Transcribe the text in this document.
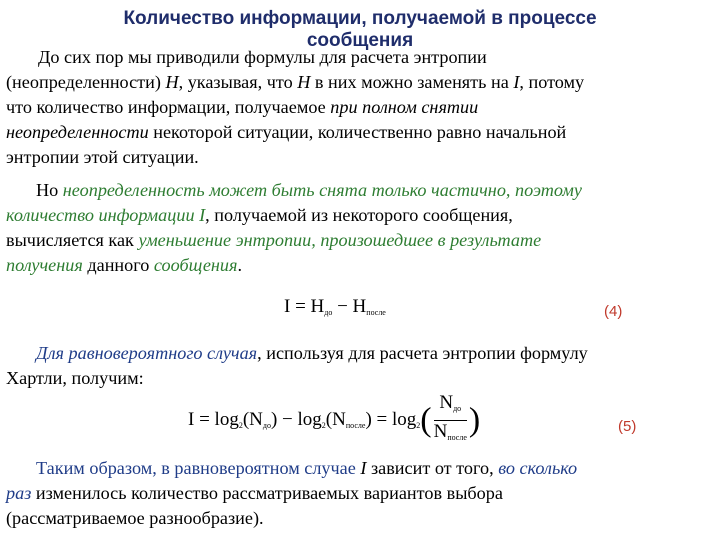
Количество информации, получаемой в процессе
сообщения
До сих пор мы приводили формулы для расчета энтропии
(неопределенности) Н, указывая, что Н в них можно заменять на I, потому
что количество информации, получаемое при полном снятии
неопределенности некоторой ситуации, количественно равно начальной
энтропии этой ситуации.
Но неопределенность может быть снята только частично, поэтому
количество информации I, получаемой из некоторого сообщения,
вычисляется как уменьшение энтропии, произошедшее в результате
получения данного сообщения.
$I = H_{до} - H_{после}$	(4)
Для равновероятного случая, используя для расчета энтропии формулу
Хартли, получим:
$I = \log_2(N_{до}) - \log_2(N_{после}) = \log_2( \frac{N_{до}}{N_{после}}$ )	(5)
Таким образом, в равновероятном случае I зависит от того, во сколько
раз изменилось количество рассматриваемых вариантов выбора
(рассматриваемое разнообразие).
